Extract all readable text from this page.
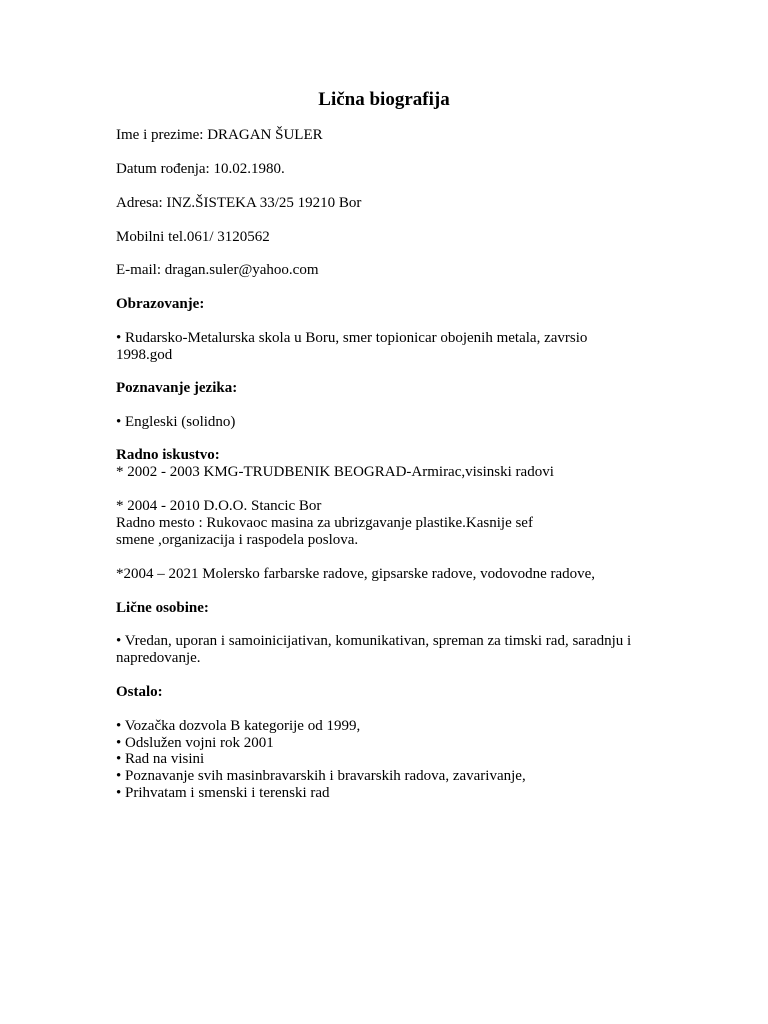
Lična biografija
Ime i prezime: DRAGAN ŠULER
Datum rođenja: 10.02.1980.
Adresa: INZ.ŠISTEKA 33/25 19210 Bor
Mobilni tel.061/ 3120562
E-mail: dragan.suler@yahoo.com
Obrazovanje:
• Rudarsko-Metalurska skola u Boru, smer topionicar obojenih metala, zavrsio
1998.god
Poznavanje jezika:
• Engleski (solidno)
Radno iskustvo:
* 2002 - 2003 KMG-TRUDBENIK BEOGRAD-Armirac,visinski radovi
* 2004 - 2010 D.O.O. Stancic Bor
Radno mesto : Rukovaoc masina za ubrizgavanje plastike.Kasnije sef
smene ,organizacija i raspodela poslova.
*2004 – 2021 Molersko farbarske radove, gipsarske radove, vodovodne radove,
Lične osobine:
• Vredan, uporan i samoinicijativan, komunikativan, spreman za timski rad, saradnju i
napredovanje.
Ostalo:
• Vozačka dozvola B kategorije od 1999,
• Odslužen vojni rok 2001
• Rad na visini
• Poznavanje svih masinbravarskih i bravarskih radova, zavarivanje,
• Prihvatam i smenski i terenski rad
